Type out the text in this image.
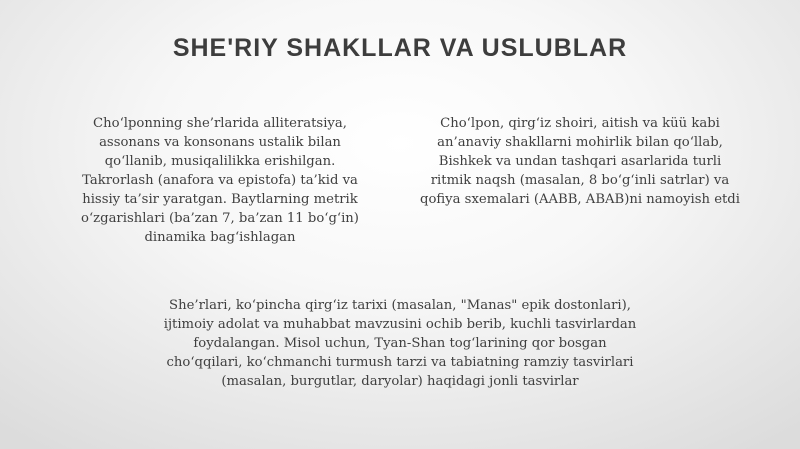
SHE'RIY SHAKLLAR VA USLUBLAR
Cho‘lponning she’rlarida alliteratsiya,
assonans va konsonans ustalik bilan
qo‘llanib, musiqalilikka erishilgan.
Takrorlash (anafora va epistofa) ta’kid va
hissiy ta’sir yaratgan. Baytlarning metrik
o‘zgarishlari (ba’zan 7, ba’zan 11 bo‘g‘in)
dinamika bag‘ishlagan
Cho‘lpon, qirg‘iz shoiri, aitish va küü kabi
an’anaviy shakllarni mohirlik bilan qo‘llab,
Bishkek va undan tashqari asarlarida turli
ritmik naqsh (masalan, 8 bo‘g‘inli satrlar) va
qofiya sxemalari (AABB, ABAB)ni namoyish etdi
She’rlari, ko‘pincha qirg‘iz tarixi (masalan, "Manas" epik dostonlari),
ijtimoiy adolat va muhabbat mavzusini ochib berib, kuchli tasvirlardan
foydalangan. Misol uchun, Tyan-Shan tog‘larining qor bosgan
cho‘qqilari, ko‘chmanchi turmush tarzi va tabiatning ramziy tasvirlari
(masalan, burgutlar, daryolar) haqidagi jonli tasvirlar
